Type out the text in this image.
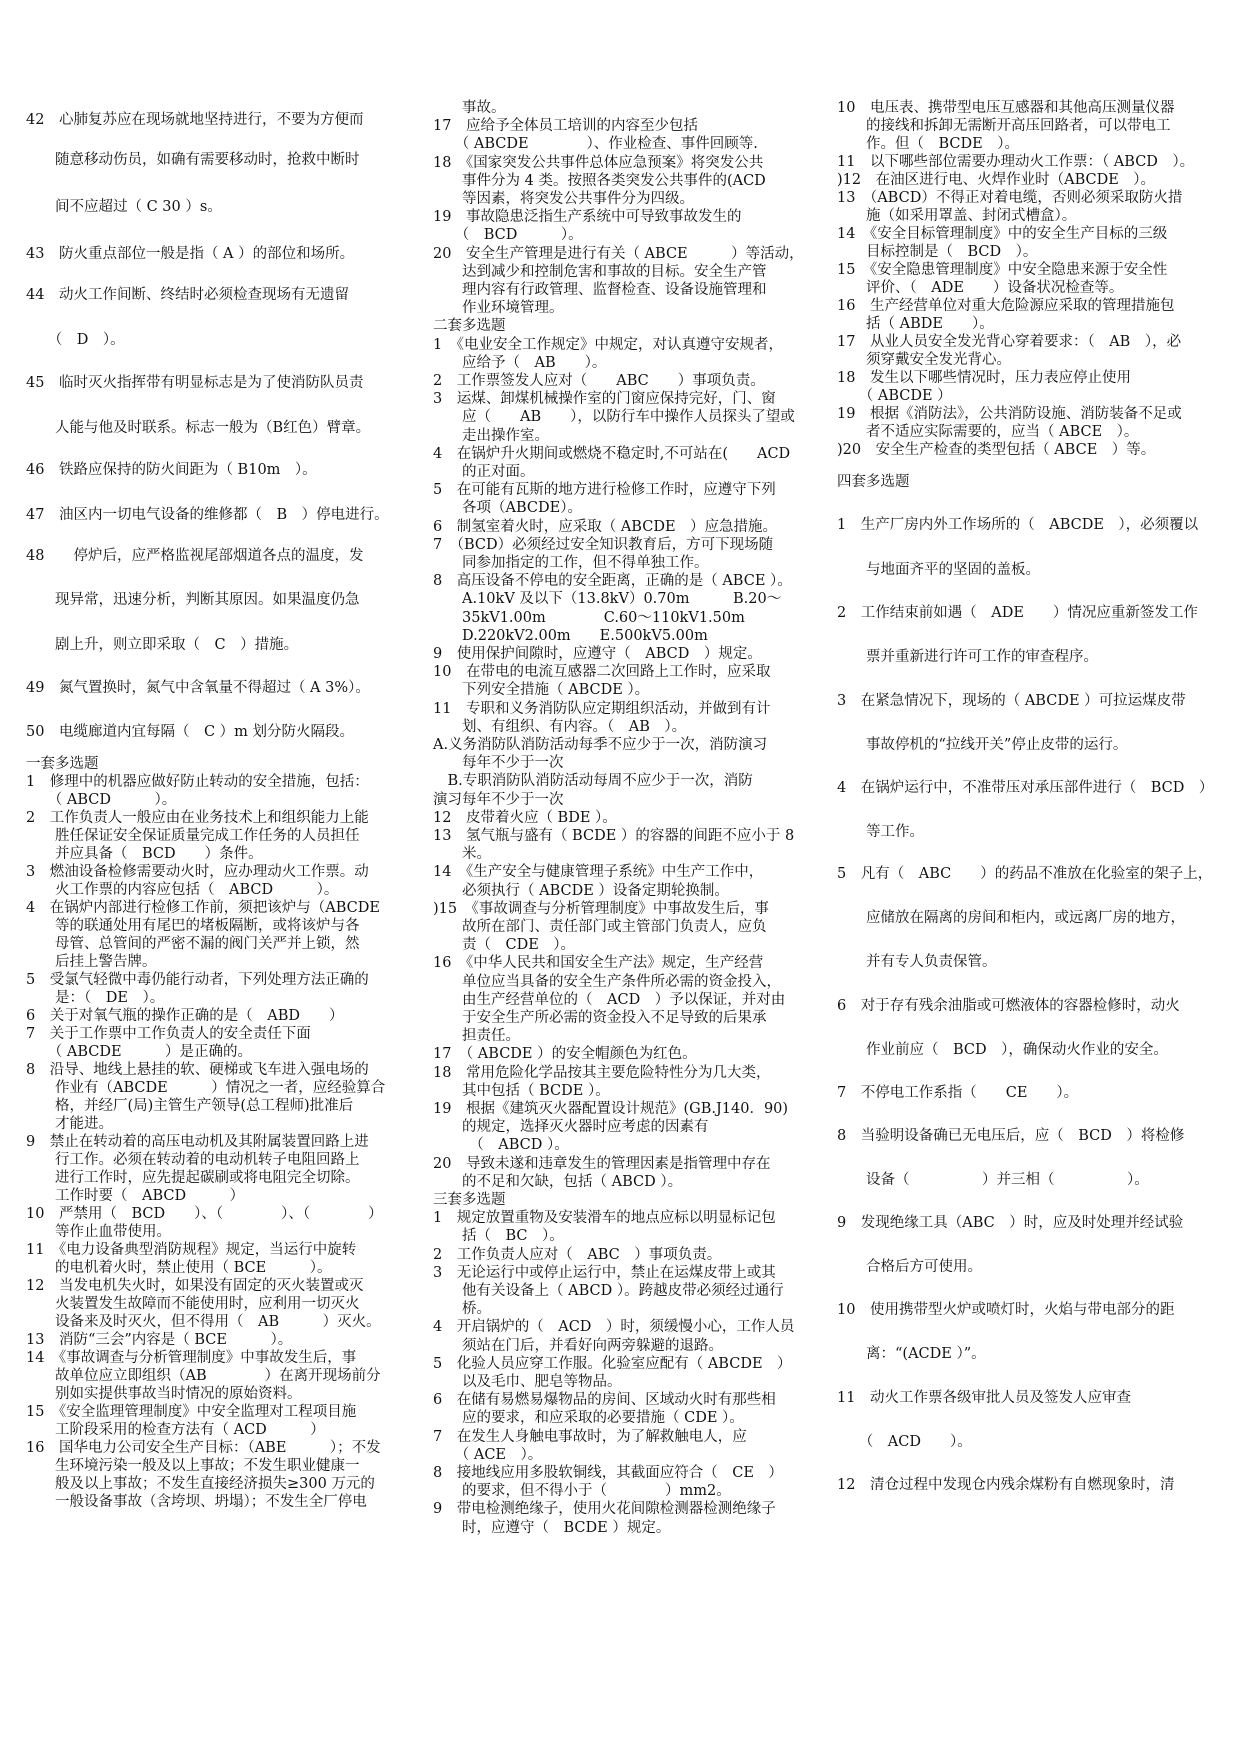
42　心肺复苏应在现场就地坚持进行，不要为方便而
　　随意移动伤员，如确有需要移动时，抢救中断时
　　间不应超过（ C 30 ）s。
43　防火重点部位一般是指（ A ）的部位和场所。
44　动火工作间断、终结时必须检查现场有无遗留
　　（　D　）。
45　临时灭火指挥带有明显标志是为了使消防队员责
　　人能与他及时联系。标志一般为（B红色）臂章。
46　铁路应保持的防火间距为（ B10m　）。
47　油区内一切电气设备的维修都（　B　）停电进行。
48　　停炉后，应严格监视尾部烟道各点的温度，发
　　现异常，迅速分析，判断其原因。如果温度仍急
　　剧上升，则立即采取（　C　）措施。
49　氮气置换时，氮气中含氧量不得超过（ A 3%）。
50　电缆廊道内宜每隔（　C ）m 划分防火隔段。
一套多选题
1　修理中的机器应做好防止转动的安全措施，包括：
　　（ ABCD　　　）。
2　工作负责人一般应由在业务技术上和组织能力上能
　　胜任保证安全保证质量完成工作任务的人员担任
　　并应具备（　BCD　　）条件。
3　燃油设备检修需要动火时，应办理动火工作票。动
　　火工作票的内容应包括（　ABCD　　　）。
4　在锅炉内部进行检修工作前，须把该炉与（ABCDE
　　等的联通处用有尾巴的堵板隔断，或将该炉与各
　　母管、总管间的严密不漏的阀门关严并上锁，然
　　后挂上警告牌。
5　受氯气轻微中毒仍能行动者，下列处理方法正确的
　　是：（　DE　）。
6　关于对氧气瓶的操作正确的是（　ABD　　）
7　关于工作票中工作负责人的安全责任下面
　　（ ABCDE　　　）是正确的。
8　沿导、地线上悬挂的软、硬梯或飞车进入强电场的
　　作业有（ABCDE　　　）情况之一者，应经验算合
　　格，并经厂(局)主管生产领导(总工程师)批准后
　　才能进。
9　禁止在转动着的高压电动机及其附属装置回路上进
　　行工作。必须在转动着的电动机转子电阻回路上
　　进行工作时，应先提起碳刷或将电阻完全切除。
　　工作时要（　ABCD　　　）
10　严禁用（　BCD　　）、（　　　　）、（　　　　）
　　等作止血带使用。
11　《电力设备典型消防规程》规定，当运行中旋转
　　的电机着火时，禁止使用（ BCE　　　）。
12　当发电机失火时，如果没有固定的灭火装置或灭
　　火装置发生故障而不能使用时，应利用一切灭火
　　设备来及时灭火，但不得用（　AB　　　）灭火。
13　消防“三会”内容是（ BCE　　　）。
14　《事故调查与分析管理制度》中事故发生后，事
　　故单位应立即组织（AB　　　　）在离开现场前分
　　别如实提供事故当时情况的原始资料。
15　《安全监理管理制度》中安全监理对工程项目施
　　工阶段采用的检查方法有（ ACD　　　）
16　国华电力公司安全生产目标：（ABE　　　）；不发
　　生环境污染一般及以上事故；不发生职业健康一
　　般及以上事故；不发生直接经济损失≥300 万元的
　　一般设备事故（含垮坝、坍塌）；不发生全厂停电
　　事故。
17　应给予全体员工培训的内容至少包括
　　（ ABCDE　　　　）、作业检查、事件回顾等.
18　《国家突发公共事件总体应急预案》将突发公共
　　事件分为 4 类。按照各类突发公共事件的(ACD
　　等因素，将突发公共事件分为四级。
19　事故隐患泛指生产系统中可导致事故发生的
　　（　BCD　　　）。
20　安全生产管理是进行有关（ ABCE　　　）等活动，
　　达到减少和控制危害和事故的目标。安全生产管
　　理内容有行政管理、监督检查、设备设施管理和
　　作业环境管理。
二套多选题
1　《电业安全工作规定》中规定，对认真遵守安规者，
　　应给予（　AB　　）。
2　工作票签发人应对（　　ABC　　）事项负责。
3　运煤、卸煤机械操作室的门窗应保持完好，门、窗
　　应（　　AB　　），以防行车中操作人员探头了望或
　　走出操作室。
4　在锅炉升火期间或燃烧不稳定时,不可站在(　　ACD
　　的正对面。
5　在可能有瓦斯的地方进行检修工作时，应遵守下列
　　各项（ABCDE）。
6　制氢室着火时，应采取（ ABCDE　）应急措施。
7　（BCD）必须经过安全知识教育后，方可下现场随
　　同参加指定的工作，但不得单独工作。
8　高压设备不停电的安全距离，正确的是（ ABCE ）。
　　A.10kV 及以下（13.8kV）0.70m　　　B.20～
　　35kV1.00m　　　　C.60～110kV1.50m
　　D.220kV2.00m　　E.500kV5.00m
9　使用保护间隙时，应遵守（　ABCD　）规定。
10　在带电的电流互感器二次回路上工作时，应采取
　　下列安全措施（ ABCDE ）。
11　专职和义务消防队应定期组织活动，并做到有计
　　划、有组织、有内容。（　AB　）。
A.义务消防队消防活动每季不应少于一次，消防演习
　　每年不少于一次
　B.专职消防队消防活动每周不应少于一次，消防
演习每年不少于一次
12　皮带着火应（ BDE ）。
13　氢气瓶与盛有（ BCDE ）的容器的间距不应小于 8
　　米。
14　《生产安全与健康管理子系统》中生产工作中，
　　必须执行（ ABCDE ）设备定期轮换制。
)15　《事故调查与分析管理制度》中事故发生后，事
　　故所在部门、责任部门或主管部门负责人，应负
　　责（　CDE　）。
16　《中华人民共和国安全生产法》规定，生产经营
　　单位应当具备的安全生产条件所必需的资金投入，
　　由生产经营单位的（　ACD　）予以保证，并对由
　　于安全生产所必需的资金投入不足导致的后果承
　　担责任。
17　（ ABCDE ）的安全帽颜色为红色。
18　常用危险化学品按其主要危险特性分为几大类，
　　其中包括（ BCDE ）。
19　根据《建筑灭火器配置设计规范》(GB.J140．90)
　　的规定，选择灭火器时应考虑的因素有
　　　（　ABCD ）。
20　导致未遂和违章发生的管理因素是指管理中存在
　　的不足和欠缺，包括（ ABCD ）。
三套多选题
1　规定放置重物及安装滑车的地点应标以明显标记包
　　括（　BC　）。
2　工作负责人应对（　ABC　）事项负责。
3　无论运行中或停止运行中，禁止在运煤皮带上或其
　　他有关设备上（ ABCD ）。跨越皮带必须经过通行
　　桥。
4　开启锅炉的（　ACD　）时，须缓慢小心，工作人员
　　须站在门后，并看好向两旁躲避的退路。
5　化验人员应穿工作服。化验室应配有（ ABCDE　）
　　以及毛巾、肥皂等物品。
6　在储有易燃易爆物品的房间、区域动火时有那些相
　　应的要求，和应采取的必要措施（ CDE ）。
7　在发生人身触电事故时，为了解救触电人，应
　　（ ACE　）。
8　接地线应用多股软铜线，其截面应符合（　CE　）
　　的要求，但不得小于（　　　　）mm2。
9　带电检测绝缘子，使用火花间隙检测器检测绝缘子
　　时，应遵守（　BCDE ）规定。
10　电压表、携带型电压互感器和其他高压测量仪器
　　的接线和拆卸无需断开高压回路者，可以带电工
　　作。但（　BCDE　）。
11　以下哪些部位需要办理动火工作票：（ ABCD　）。
)12　在油区进行电、火焊作业时（ABCDE　）。
13　（ABCD）不得正对着电缆，否则必须采取防火措
　　施（如采用罩盖、封闭式槽盒）。
14　《安全目标管理制度》中的安全生产目标的三级
　　目标控制是（　BCD　）。
15　《安全隐患管理制度》中安全隐患来源于安全性
　　评价、（　ADE　　）设备状况检查等。
16　生产经营单位对重大危险源应采取的管理措施包
　　括（ ABDE　　）。
17　从业人员安全发光背心穿着要求：（　AB　），必
　　须穿戴安全发光背心。
18　发生以下哪些情况时，压力表应停止使用
　　（ ABCDE ）
19　根据《消防法》，公共消防设施、消防装备不足或
　　者不适应实际需要的，应当（ ABCE　）。
)20　安全生产检查的类型包括（ ABCE　）等。
四套多选题
1　生产厂房内外工作场所的（　ABCDE　），必须覆以
　　与地面齐平的坚固的盖板。
2　工作结束前如遇（　ADE　　）情况应重新签发工作
　　票并重新进行许可工作的审查程序。
3　在紧急情况下，现场的（ ABCDE ）可拉运煤皮带
　　事故停机的“拉线开关”停止皮带的运行。
4　在锅炉运行中，不准带压对承压部件进行（　BCD　）
　　等工作。
5　凡有（　ABC　　）的药品不准放在化验室的架子上，
　　应储放在隔离的房间和柜内，或远离厂房的地方，
　　并有专人负责保管。
6　对于存有残余油脂或可燃液体的容器检修时，动火
　　作业前应（　BCD　），确保动火作业的安全。
7　不停电工作系指（　　CE　　）。
8　当验明设备确已无电压后，应（　BCD　）将检修
　　设备（　　　　　）并三相（　　　　　）。
9　发现绝缘工具（ABC　）时，应及时处理并经试验
　　合格后方可使用。
10　使用携带型火炉或喷灯时，火焰与带电部分的距
　　离：“(ACDE ）”。
11　动火工作票各级审批人员及签发人应审查
　　（　ACD　　）。
12　清仓过程中发现仓内残余煤粉有自燃现象时，清
